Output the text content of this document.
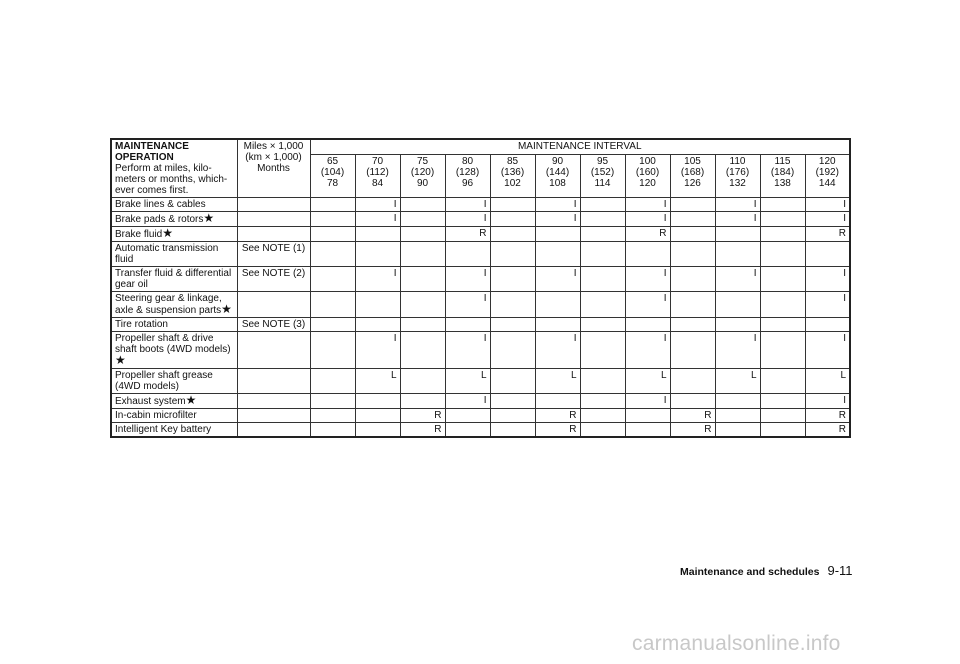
MAINTENANCE OPERATION
Perform at miles, kilo-meters or months, which-ever comes first.	Miles × 1,000
(km × 1,000)
Months	MAINTENANCE INTERVAL											

		65
(104)
78	70
(112)
84	75
(120)
90	80
(128)
96	85
(136)
102	90
(144)
108	95
(152)
114	100
(160)
120	105
(168)
126	110
(176)
132	115
(184)
138	120
(192)
144

Brake lines & cables			I		I		I		I		I		I
Brake pads & rotors★			I		I		I		I		I		I
Brake fluid★					R				R				R
Automatic transmission fluid	See NOTE (1)												
Transfer fluid & differential gear oil	See NOTE (2)		I		I		I		I		I		I
Steering gear & linkage, axle & suspension parts★					I				I				I
Tire rotation	See NOTE (3)												
Propeller shaft & drive shaft boots (4WD models)
★			I		I		I		I		I		I
Propeller shaft grease (4WD models)			L		L		L		L		L		L
Exhaust system★					I				I				I
In-cabin microfilter				R			R			R			R
Intelligent Key battery				R			R			R			R
Maintenance and schedules 9-11
carmanualsonline.info
